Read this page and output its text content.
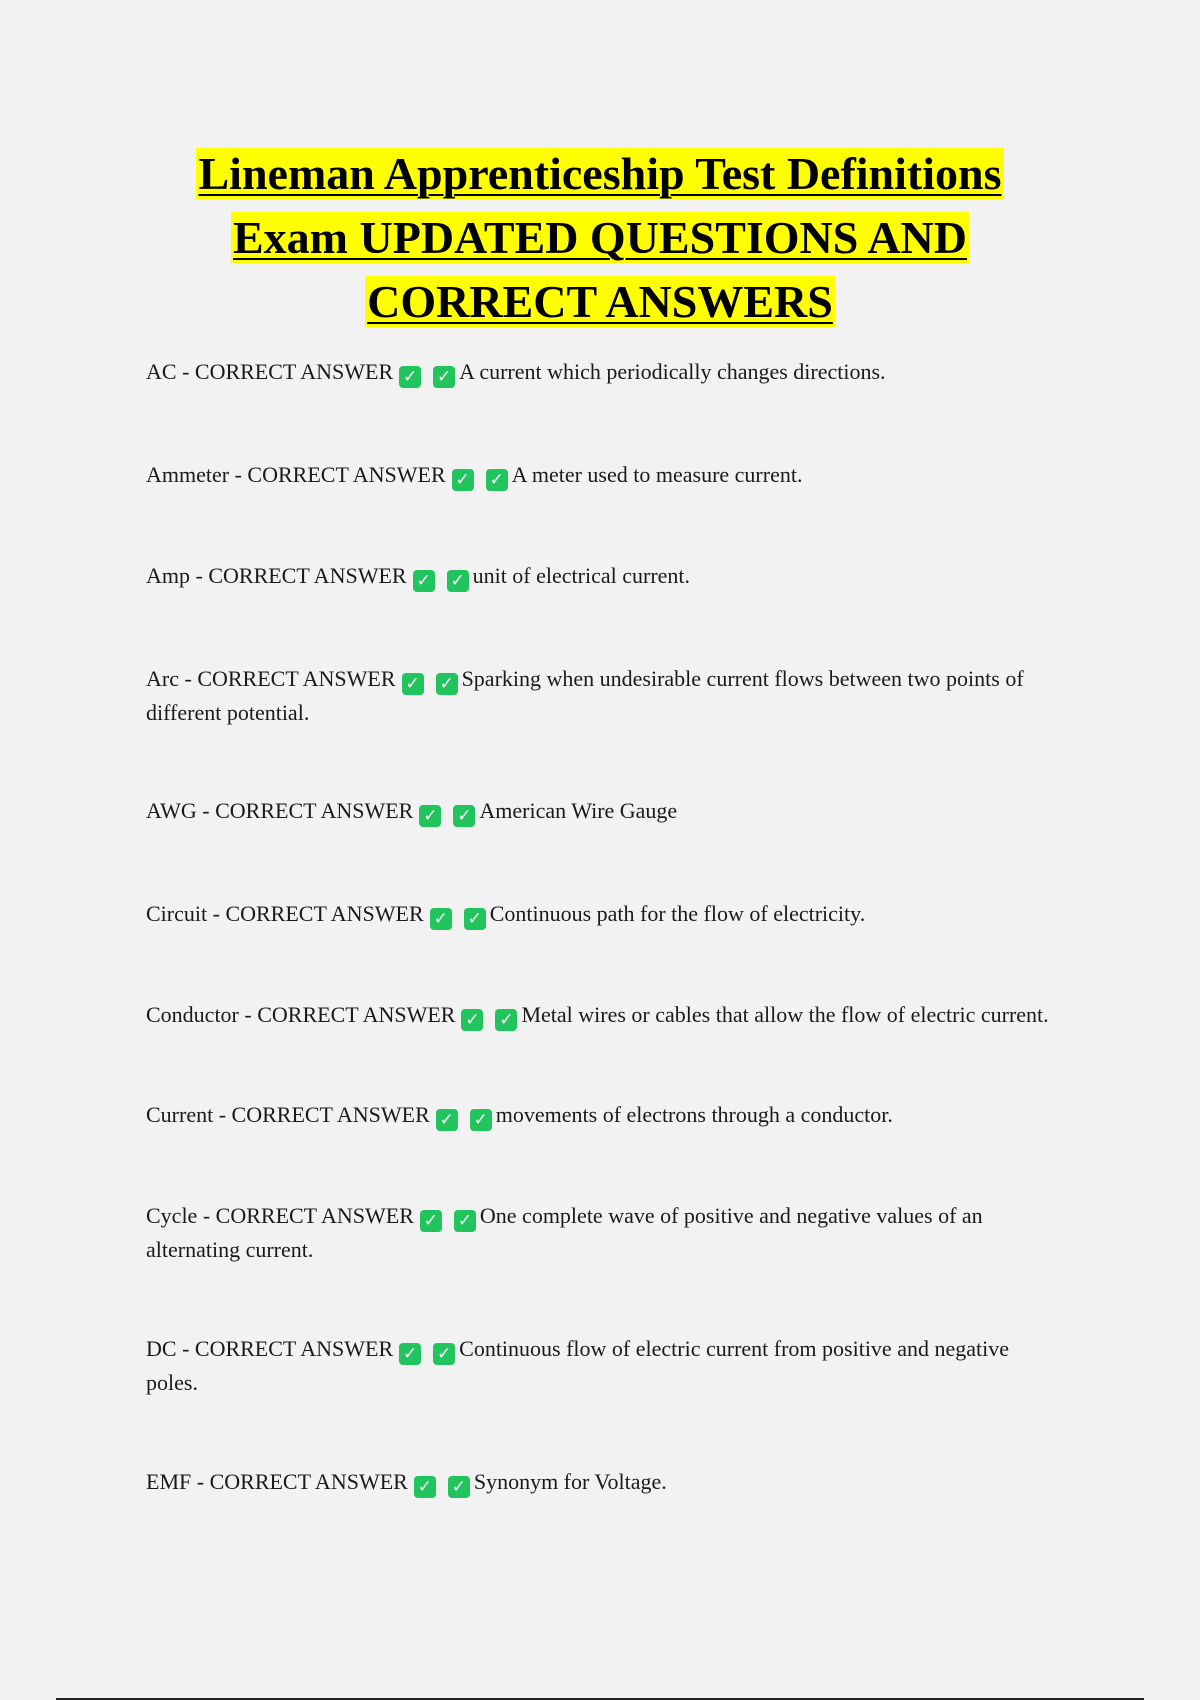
Lineman Apprenticeship Test Definitions
Exam UPDATED QUESTIONS AND
CORRECT ANSWERS

AC - CORRECT ANSWER ✓ ✓ A current which periodically changes directions.

Ammeter - CORRECT ANSWER ✓ ✓ A meter used to measure current.

Amp - CORRECT ANSWER ✓ ✓ unit of electrical current.

Arc - CORRECT ANSWER ✓ ✓ Sparking when undesirable current flows between two points of different potential.

AWG - CORRECT ANSWER ✓ ✓ American Wire Gauge

Circuit - CORRECT ANSWER ✓ ✓ Continuous path for the flow of electricity.

Conductor - CORRECT ANSWER ✓ ✓ Metal wires or cables that allow the flow of electric current.

Current - CORRECT ANSWER ✓ ✓ movements of electrons through a conductor.

Cycle - CORRECT ANSWER ✓ ✓ One complete wave of positive and negative values of an alternating current.

DC - CORRECT ANSWER ✓ ✓ Continuous flow of electric current from positive and negative poles.

EMF - CORRECT ANSWER ✓ ✓ Synonym for Voltage.
